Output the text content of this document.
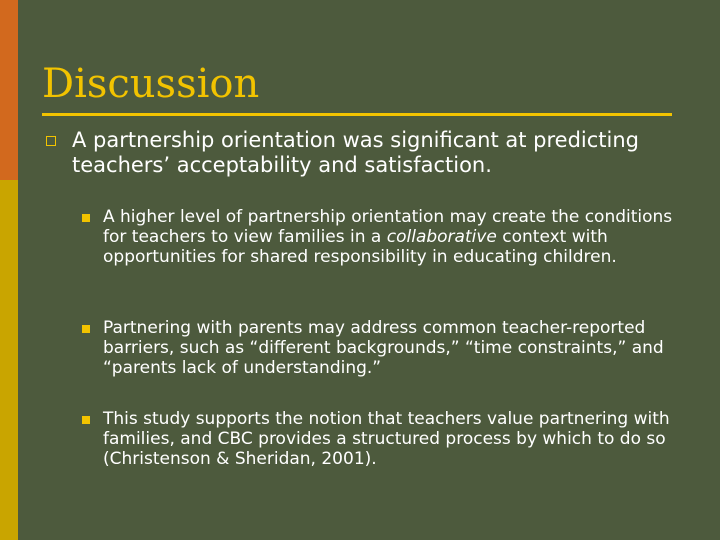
Discussion

A partnership orientation was significant at predicting teachers’ acceptability and satisfaction.

A higher level of partnership orientation may create the conditions for teachers to view families in a collaborative context with opportunities for shared responsibility in educating children.

Partnering with parents may address common teacher-reported barriers, such as “different backgrounds,” “time constraints,” and “parents lack of understanding.”

This study supports the notion that teachers value partnering with families, and CBC provides a structured process by which to do so (Christenson & Sheridan, 2001).
